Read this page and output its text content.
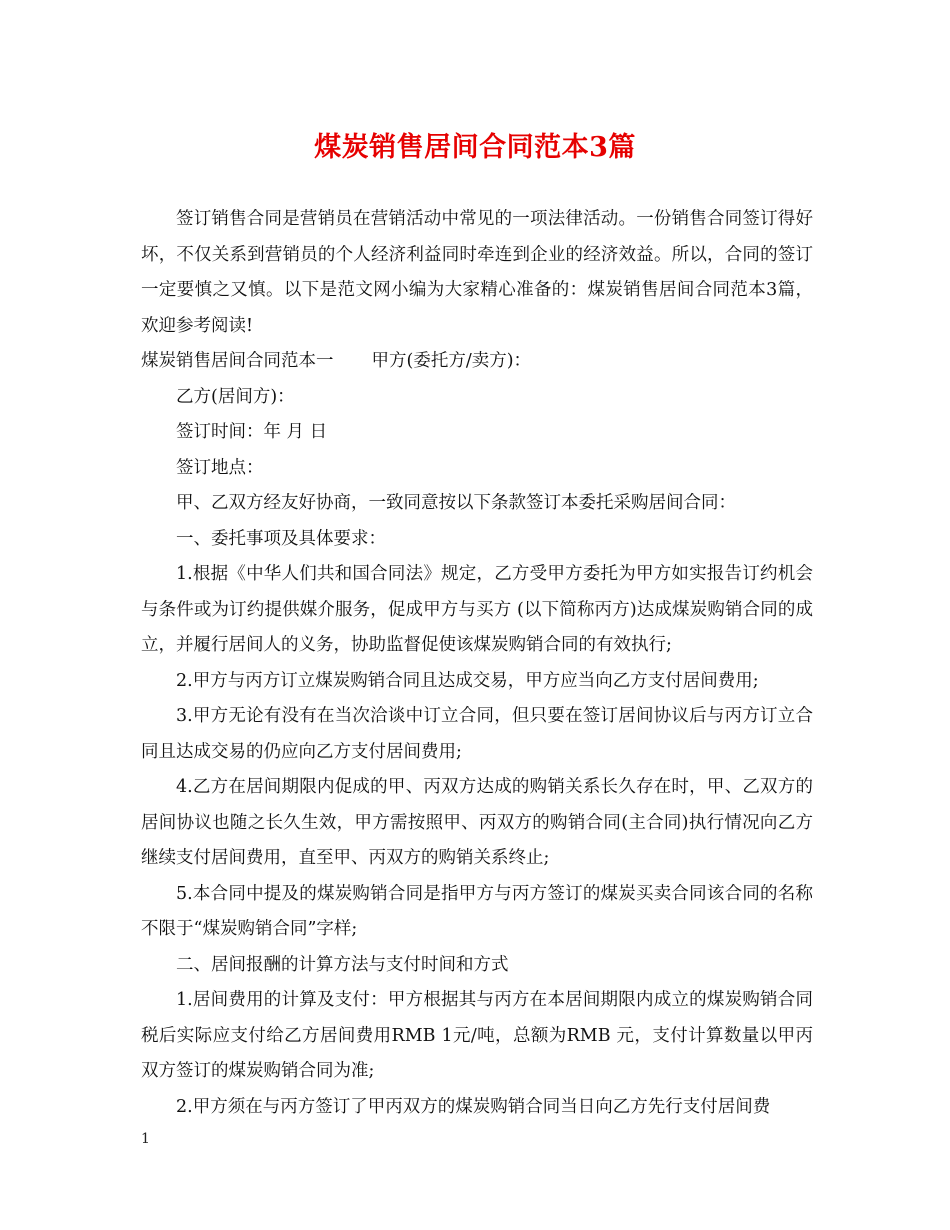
煤炭销售居间合同范本3篇

签订销售合同是营销员在营销活动中常见的一项法律活动。一份销售合同签订得好坏，不仅关系到营销员的个人经济利益同时牵连到企业的经济效益。所以，合同的签订一定要慎之又慎。以下是范文网小编为大家精心准备的：煤炭销售居间合同范本3篇，欢迎参考阅读!

煤炭销售居间合同范本一 甲方(委托方/卖方)：

乙方(居间方)：

签订时间：年 月 日

签订地点：

甲、乙双方经友好协商，一致同意按以下条款签订本委托采购居间合同：

一、委托事项及具体要求：

1.根据《中华人们共和国合同法》规定，乙方受甲方委托为甲方如实报告订约机会与条件或为订约提供媒介服务，促成甲方与买方 (以下简称丙方)达成煤炭购销合同的成立，并履行居间人的义务，协助监督促使该煤炭购销合同的有效执行;

2.甲方与丙方订立煤炭购销合同且达成交易，甲方应当向乙方支付居间费用;

3.甲方无论有没有在当次洽谈中订立合同，但只要在签订居间协议后与丙方订立合同且达成交易的仍应向乙方支付居间费用;

4.乙方在居间期限内促成的甲、丙双方达成的购销关系长久存在时，甲、乙双方的居间协议也随之长久生效，甲方需按照甲、丙双方的购销合同(主合同)执行情况向乙方继续支付居间费用，直至甲、丙双方的购销关系终止;

5.本合同中提及的煤炭购销合同是指甲方与丙方签订的煤炭买卖合同该合同的名称不限于“煤炭购销合同”字样;

二、居间报酬的计算方法与支付时间和方式

1.居间费用的计算及支付：甲方根据其与丙方在本居间期限内成立的煤炭购销合同税后实际应支付给乙方居间费用RMB 1元/吨，总额为RMB 元，支付计算数量以甲丙双方签订的煤炭购销合同为准;

2.甲方须在与丙方签订了甲丙双方的煤炭购销合同当日向乙方先行支付居间费

1
